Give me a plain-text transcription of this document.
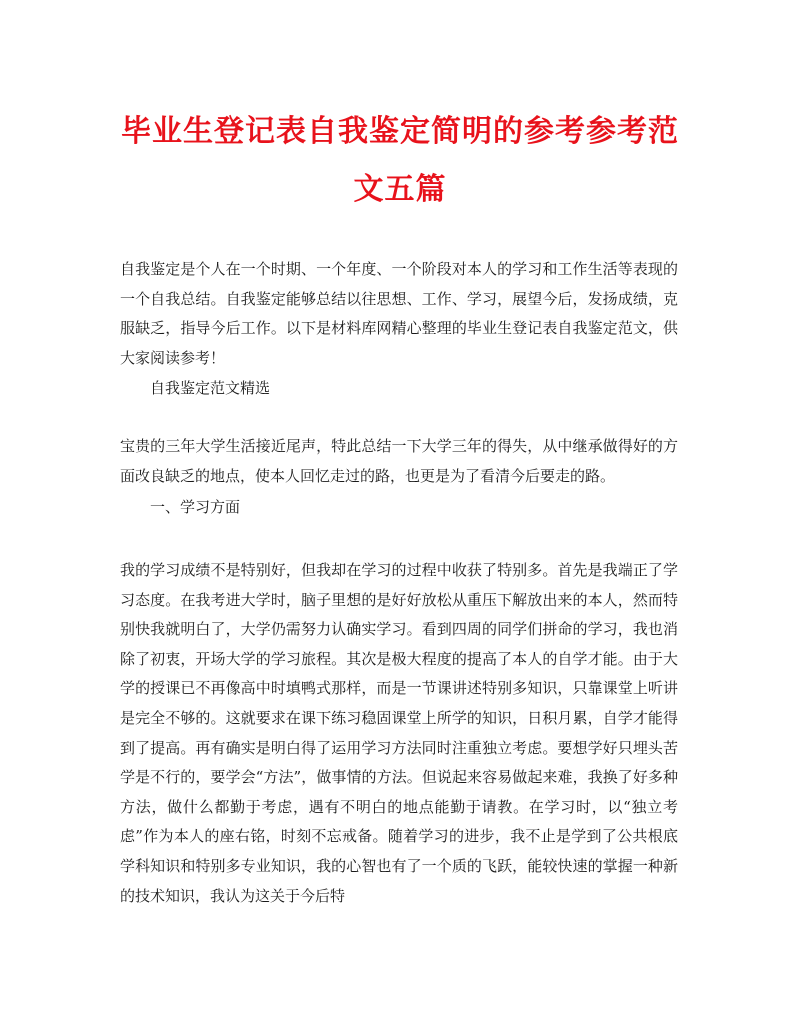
毕业生登记表自我鉴定简明的参考参考范
文五篇

自我鉴定是个人在一个时期、一个年度、一个阶段对本人的学习和工作生活等表现的一个自我总结。自我鉴定能够总结以往思想、工作、学习，展望今后，发扬成绩，克服缺乏，指导今后工作。以下是材料库网精心整理的毕业生登记表自我鉴定范文，供大家阅读参考！

自我鉴定范文精选

宝贵的三年大学生活接近尾声，特此总结一下大学三年的得失，从中继承做得好的方面改良缺乏的地点，使本人回忆走过的路，也更是为了看清今后要走的路。

一、学习方面

我的学习成绩不是特别好，但我却在学习的过程中收获了特别多。首先是我端正了学习态度。在我考进大学时，脑子里想的是好好放松从重压下解放出来的本人，然而特别快我就明白了，大学仍需努力认确实学习。看到四周的同学们拼命的学习，我也消除了初衷，开场大学的学习旅程。其次是极大程度的提高了本人的自学才能。由于大学的授课已不再像高中时填鸭式那样，而是一节课讲述特别多知识，只靠课堂上听讲是完全不够的。这就要求在课下练习稳固课堂上所学的知识，日积月累，自学才能得到了提高。再有确实是明白得了运用学习方法同时注重独立考虑。要想学好只埋头苦学是不行的，要学会“方法”，做事情的方法。但说起来容易做起来难，我换了好多种方法，做什么都勤于考虑，遇有不明白的地点能勤于请教。在学习时，以“独立考虑”作为本人的座右铭，时刻不忘戒备。随着学习的进步，我不止是学到了公共根底学科知识和特别多专业知识，我的心智也有了一个质的飞跃，能较快速的掌握一种新的技术知识，我认为这关于今后特
